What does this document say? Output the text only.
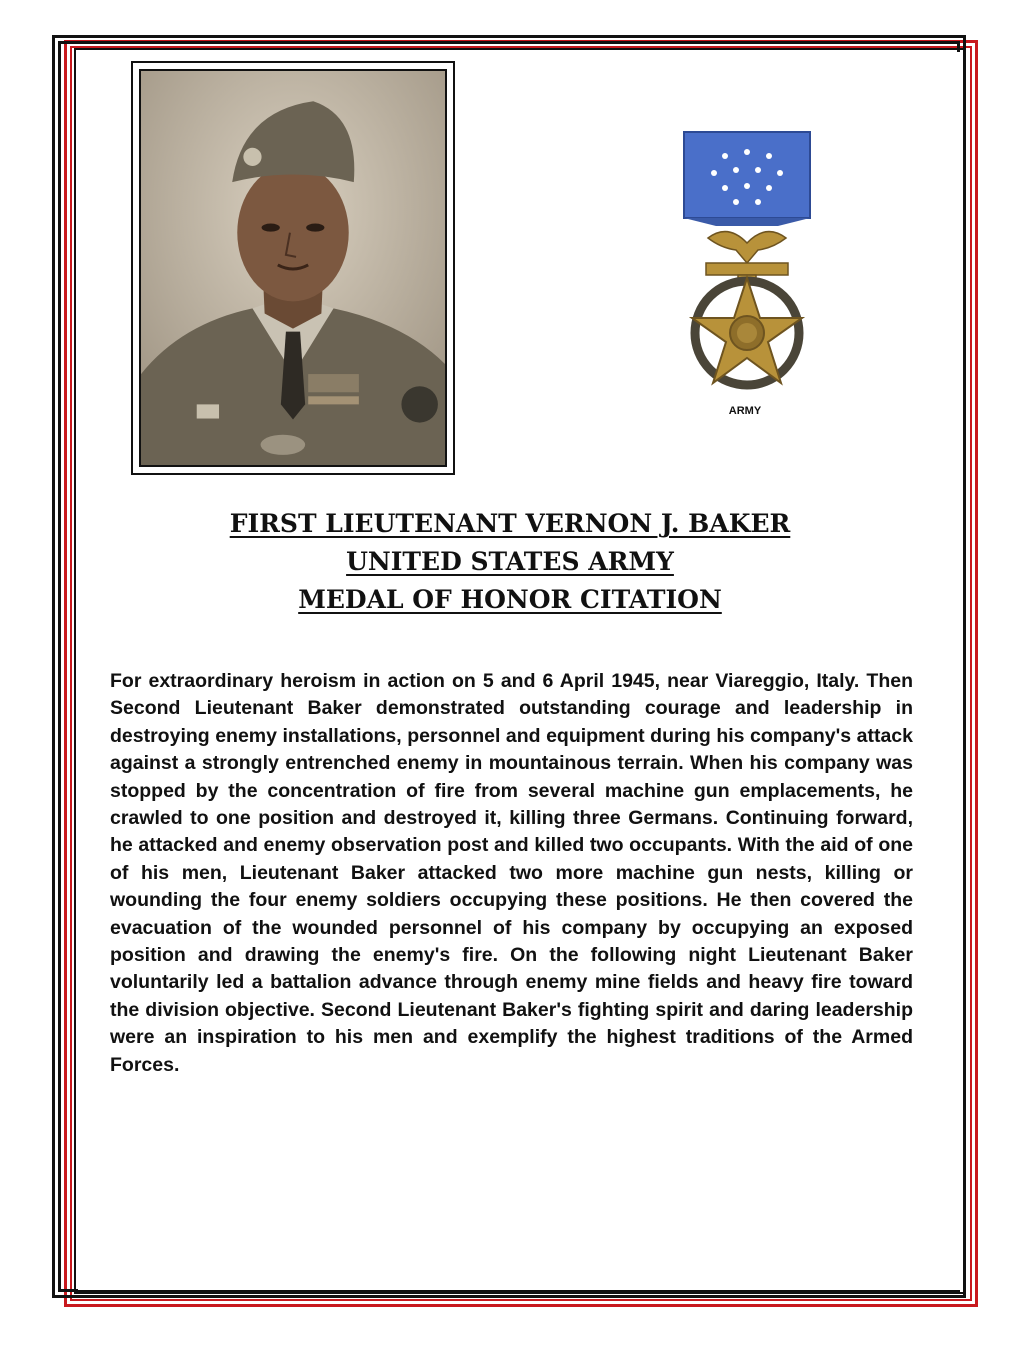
ARMY
FIRST LIEUTENANT VERNON J. BAKER
UNITED STATES ARMY
MEDAL OF HONOR CITATION

For extraordinary heroism in action on 5 and 6 April 1945, near Viareggio, Italy. Then Second Lieutenant Baker demonstrated outstanding courage and leadership in destroying enemy installations, personnel and equipment during his company's attack against a strongly entrenched enemy in mountainous terrain. When his company was stopped by the concentration of fire from several machine gun emplacements, he crawled to one position and destroyed it, killing three Germans. Continuing forward, he attacked and enemy observation post and killed two occupants. With the aid of one of his men, Lieutenant Baker attacked two more machine gun nests, killing or wounding the four enemy soldiers occupying these positions. He then covered the evacuation of the wounded personnel of his company by occupying an exposed position and drawing the enemy's fire. On the following night Lieutenant Baker voluntarily led a battalion advance through enemy mine fields and heavy fire toward the division objective. Second Lieutenant Baker's fighting spirit and daring leadership were an inspiration to his men and exemplify the highest traditions of the Armed Forces.
